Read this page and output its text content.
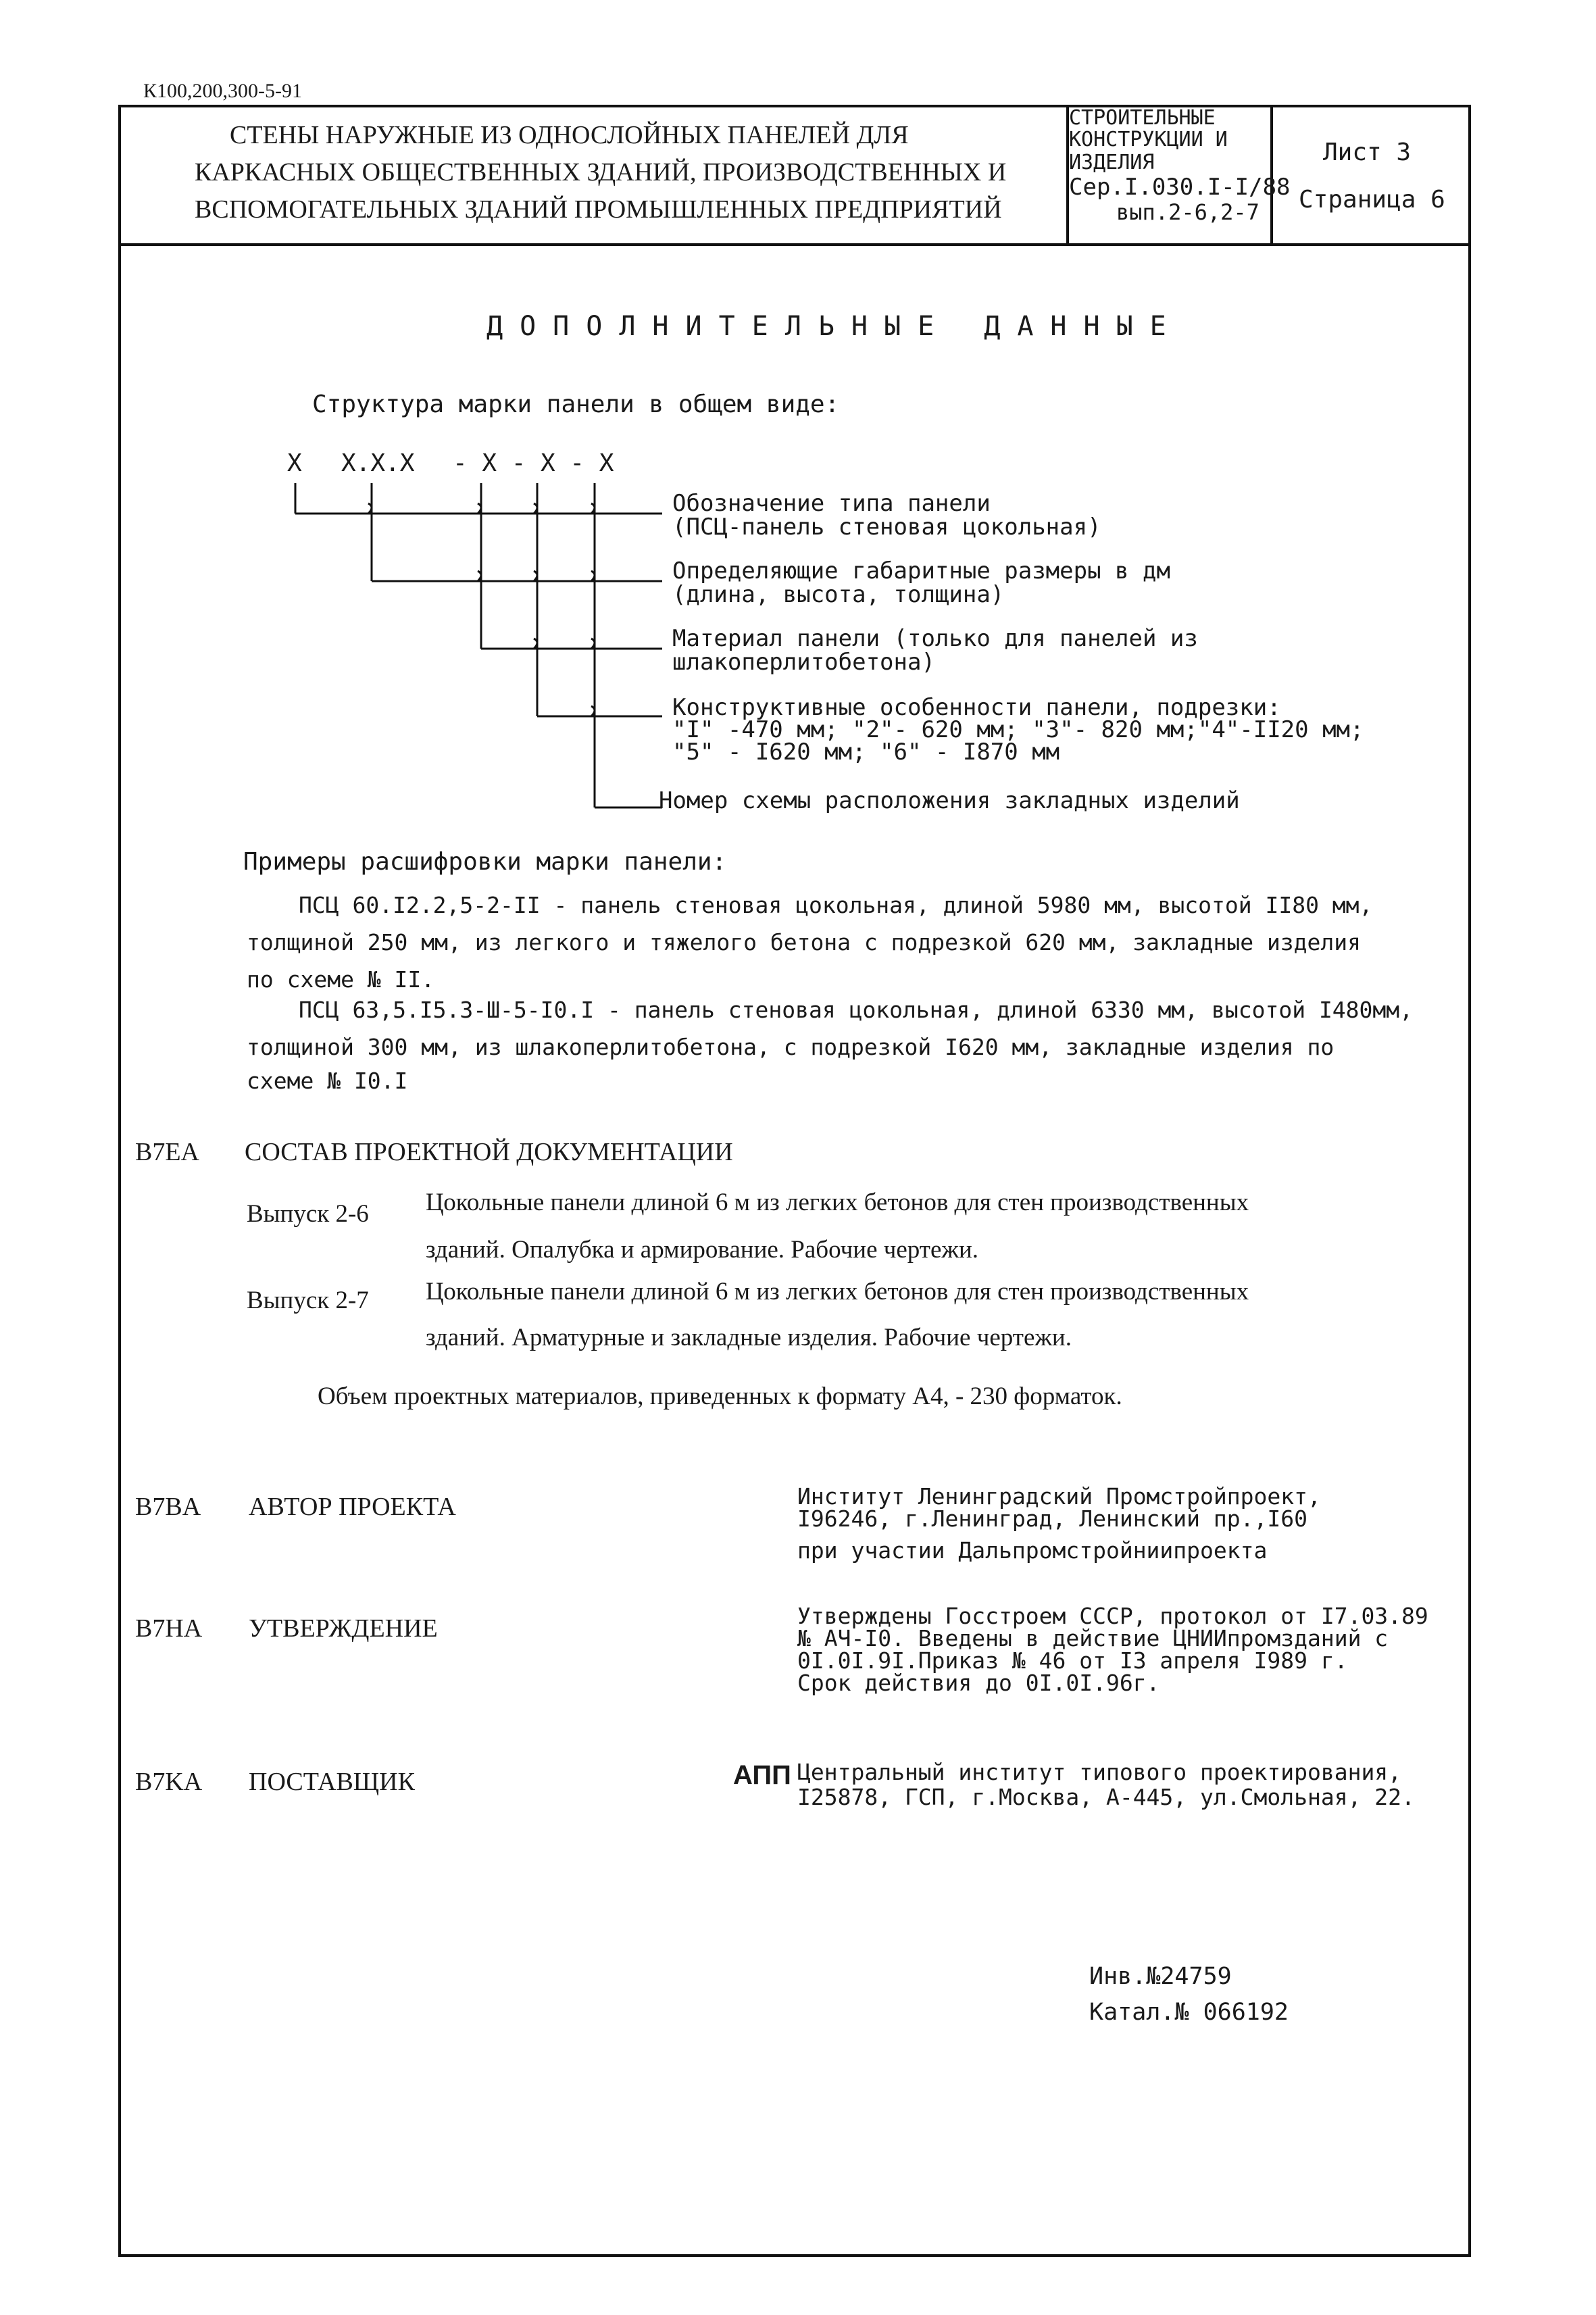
К100,200,300-5-91
СТЕНЫ НАРУЖНЫЕ ИЗ ОДНОСЛОЙНЫХ ПАНЕЛЕЙ ДЛЯ
КАРКАСНЫХ ОБЩЕСТВЕННЫХ ЗДАНИЙ, ПРОИЗВОДСТВЕННЫХ И
ВСПОМОГАТЕЛЬНЫХ ЗДАНИЙ ПРОМЫШЛЕННЫХ ПРЕДПРИЯТИЙ
СТРОИТЕЛЬНЫЕ
КОНСТРУКЦИИ И
ИЗДЕЛИЯ
Сер.I.030.I-I/88
вып.2-6,2-7
Лист 3
Страница 6
ДОПОЛНИТЕЛЬНЫЕ ДАННЫЕ
Структура марки панели в общем виде:
X X.X.X - X - X - X
Обозначение типа панели
(ПСЦ-панель стеновая цокольная)
Определяющие габаритные размеры в дм
(длина, высота, толщина)
Материал панели (только для панелей из
шлакоперлитобетона)
Конструктивные особенности панели, подрезки:
"I" -470 мм; "2"- 620 мм; "3"- 820 мм;"4"-II20 мм;
"5" - I620 мм; "6" - I870 мм
Номер схемы расположения закладных изделий
Примеры расшифровки марки панели:
ПСЦ 60.I2.2,5-2-II - панель стеновая цокольная, длиной 5980 мм, высотой II80 мм,
толщиной 250 мм, из легкого и тяжелого бетона с подрезкой 620 мм, закладные изделия
по схеме № II.
ПСЦ 63,5.I5.3-Ш-5-I0.I - панель стеновая цокольная, длиной 6330 мм, высотой I480мм,
толщиной 300 мм, из шлакоперлитобетона, с подрезкой I620 мм, закладные изделия по
схеме № I0.I
B7EA СОСТАВ ПРОЕКТНОЙ ДОКУМЕНТАЦИИ
Выпуск 2-6 Цокольные панели длиной 6 м из легких бетонов для стен производственных
зданий. Опалубка и армирование. Рабочие чертежи.
Выпуск 2-7 Цокольные панели длиной 6 м из легких бетонов для стен производственных
зданий. Арматурные и закладные изделия. Рабочие чертежи.
Объем проектных материалов, приведенных к формату А4, - 230 форматок.
B7BA АВТОР ПРОЕКТА	Институт Ленинградский Промстройпроект,
I96246, г.Ленинград, Ленинский пр.,I60
при участии Дальпромстройниипроекта
B7HA УТВЕРЖДЕНИЕ	Утверждены Госстроем СССР, протокол от I7.03.89
№ АЧ-I0. Введены в действие ЦНИИпромзданий с
0I.0I.9I.Приказ № 46 от I3 апреля I989 г.
Срок действия до 0I.0I.96г.
B7KA ПОСТАВЩИК	АПП Центральный институт типового проектирования,
I25878, ГСП, г.Москва, А-445, ул.Смольная, 22.
Инв.№24759
Катал.№ 066192
